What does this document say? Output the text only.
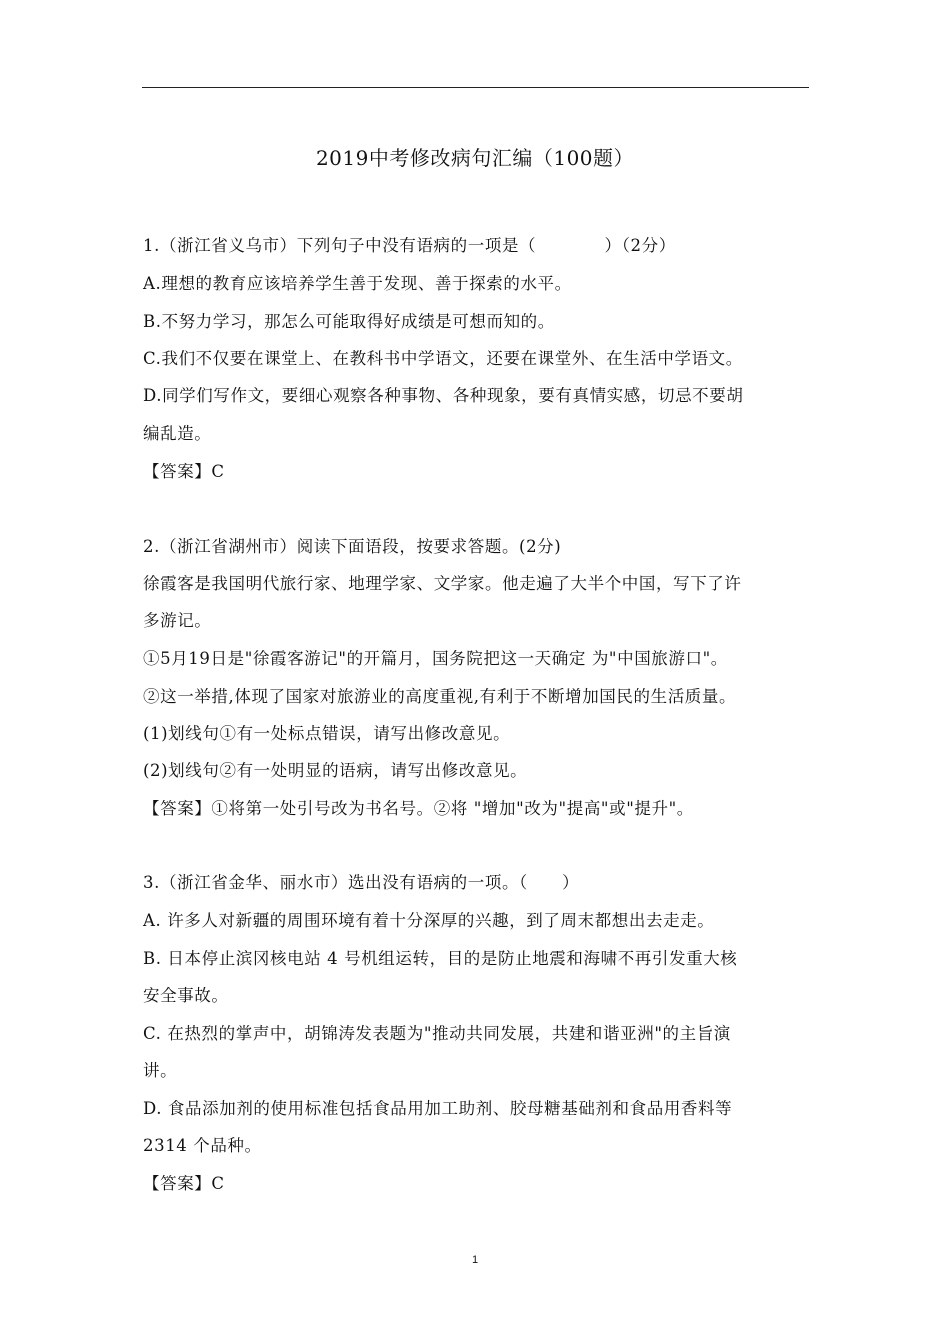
2019中考修改病句汇编（100题）
1.（浙江省义乌市）下列句子中没有语病的一项是（　　　　）（2分）
A.理想的教育应该培养学生善于发现、善于探索的水平。
B.不努力学习，那怎么可能取得好成绩是可想而知的。
C.我们不仅要在课堂上、在教科书中学语文，还要在课堂外、在生活中学语文。
D.同学们写作文，要细心观察各种事物、各种现象，要有真情实感，切忌不要胡
编乱造。
【答案】C
2.（浙江省湖州市）阅读下面语段，按要求答题。(2分)
徐霞客是我国明代旅行家、地理学家、文学家。他走遍了大半个中国，写下了许
多游记。
①5月19日是"徐霞客游记"的开篇月，国务院把这一天确定 为"中国旅游口"。
②这一举措,体现了国家对旅游业的高度重视,有利于不断增加国民的生活质量。
(1)划线句①有一处标点错误，请写出修改意见。
(2)划线句②有一处明显的语病，请写出修改意见。
【答案】①将第一处引号改为书名号。②将 "增加"改为"提高"或"提升"。
3.（浙江省金华、丽水市）选出没有语病的一项。（　　）
A. 许多人对新疆的周围环境有着十分深厚的兴趣，到了周末都想出去走走。
B. 日本停止滨冈核电站 4 号机组运转，目的是防止地震和海啸不再引发重大核
安全事故。
C. 在热烈的掌声中，胡锦涛发表题为"推动共同发展，共建和谐亚洲"的主旨演
讲。
D. 食品添加剂的使用标准包括食品用加工助剂、胶母糖基础剂和食品用香料等
2314 个品种。
【答案】C
1
